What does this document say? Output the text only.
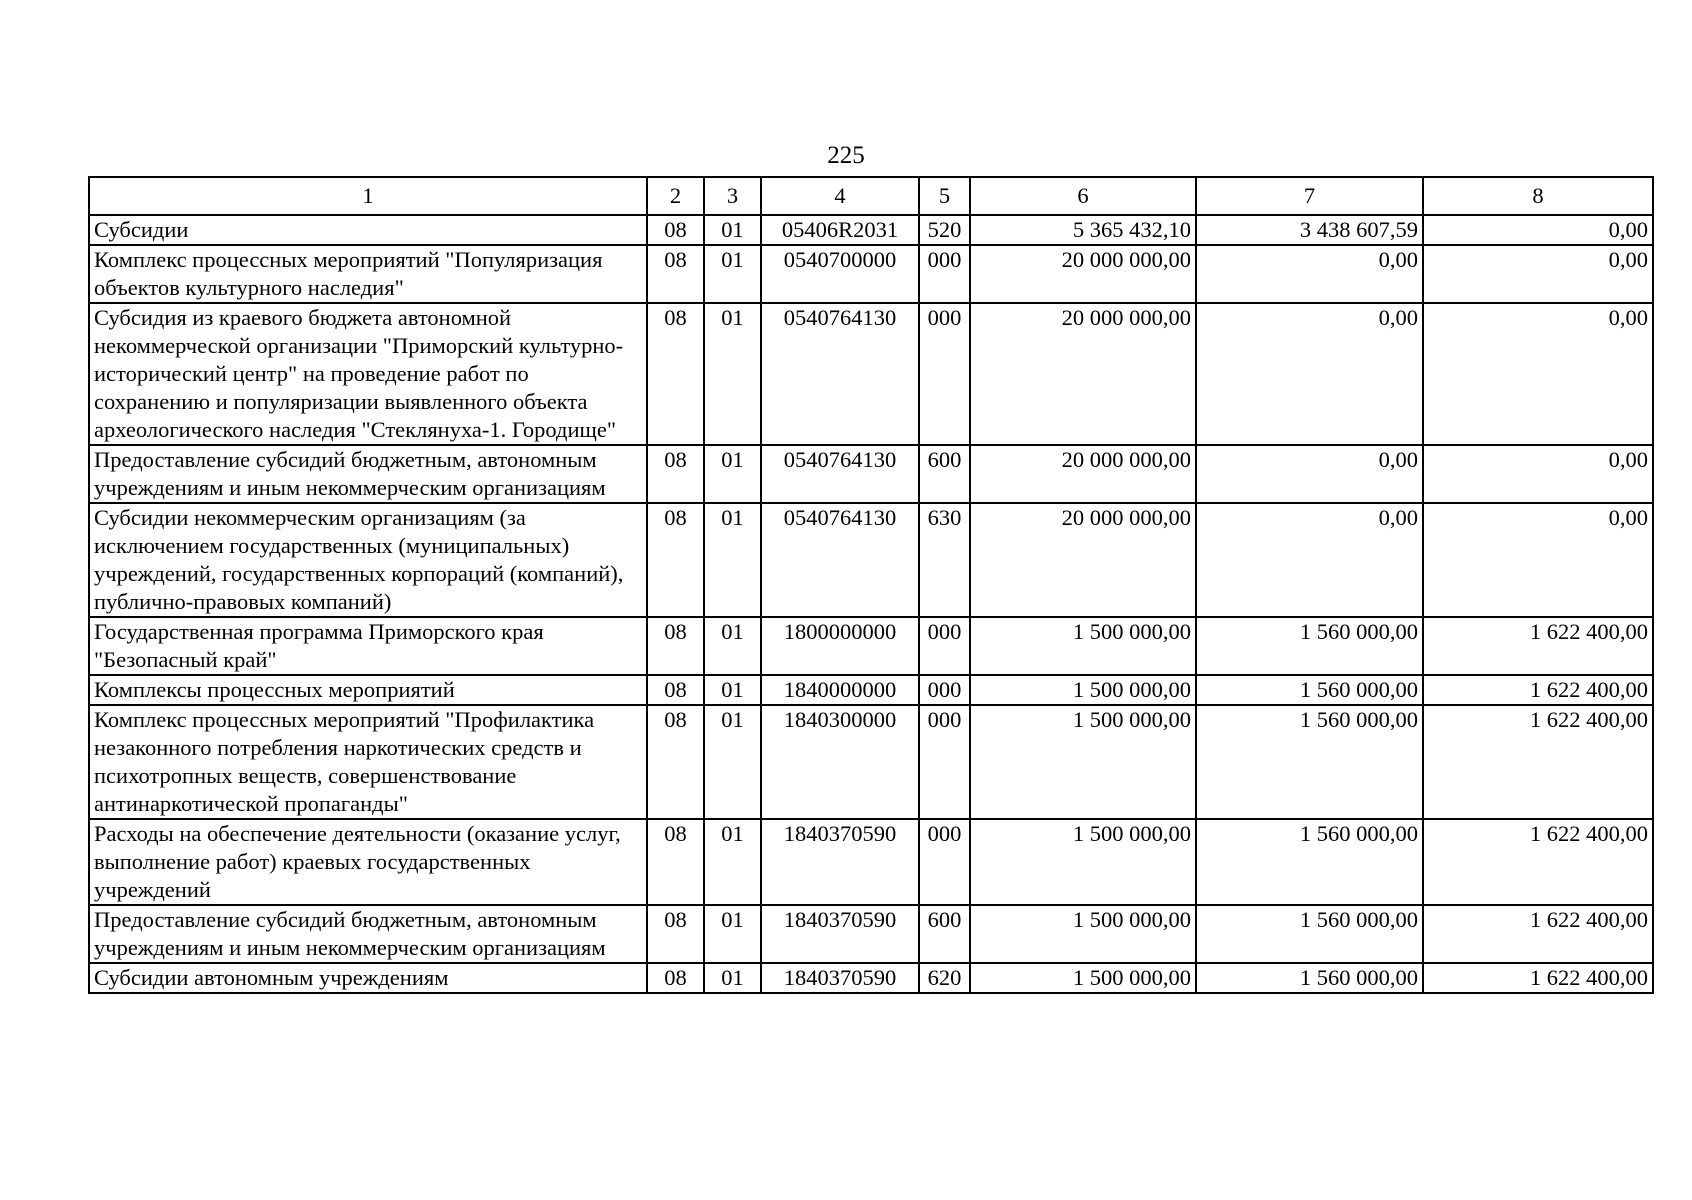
225
1	2	3	4	5	6	7	8
Субсидии	08	01	05406R2031	520	5 365 432,10	3 438 607,59	0,00
Комплекс процессных мероприятий "Популяризация объектов культурного наследия"	08	01	0540700000	000	20 000 000,00	0,00	0,00
Субсидия из краевого бюджета автономной некоммерческой организации "Приморский культурно-исторический центр" на проведение работ по сохранению и популяризации выявленного объекта археологического наследия "Стеклянуха-1. Городище"	08	01	0540764130	000	20 000 000,00	0,00	0,00
Предоставление субсидий бюджетным, автономным учреждениям и иным некоммерческим организациям	08	01	0540764130	600	20 000 000,00	0,00	0,00
Субсидии некоммерческим организациям (за исключением государственных (муниципальных) учреждений, государственных корпораций (компаний), публично-правовых компаний)	08	01	0540764130	630	20 000 000,00	0,00	0,00
Государственная программа Приморского края "Безопасный край"	08	01	1800000000	000	1 500 000,00	1 560 000,00	1 622 400,00
Комплексы процессных мероприятий	08	01	1840000000	000	1 500 000,00	1 560 000,00	1 622 400,00
Комплекс процессных мероприятий "Профилактика незаконного потребления наркотических средств и психотропных веществ, совершенствование антинаркотической пропаганды"	08	01	1840300000	000	1 500 000,00	1 560 000,00	1 622 400,00
Расходы на обеспечение деятельности (оказание услуг, выполнение работ) краевых государственных учреждений	08	01	1840370590	000	1 500 000,00	1 560 000,00	1 622 400,00
Предоставление субсидий бюджетным, автономным учреждениям и иным некоммерческим организациям	08	01	1840370590	600	1 500 000,00	1 560 000,00	1 622 400,00
Субсидии автономным учреждениям	08	01	1840370590	620	1 500 000,00	1 560 000,00	1 622 400,00
